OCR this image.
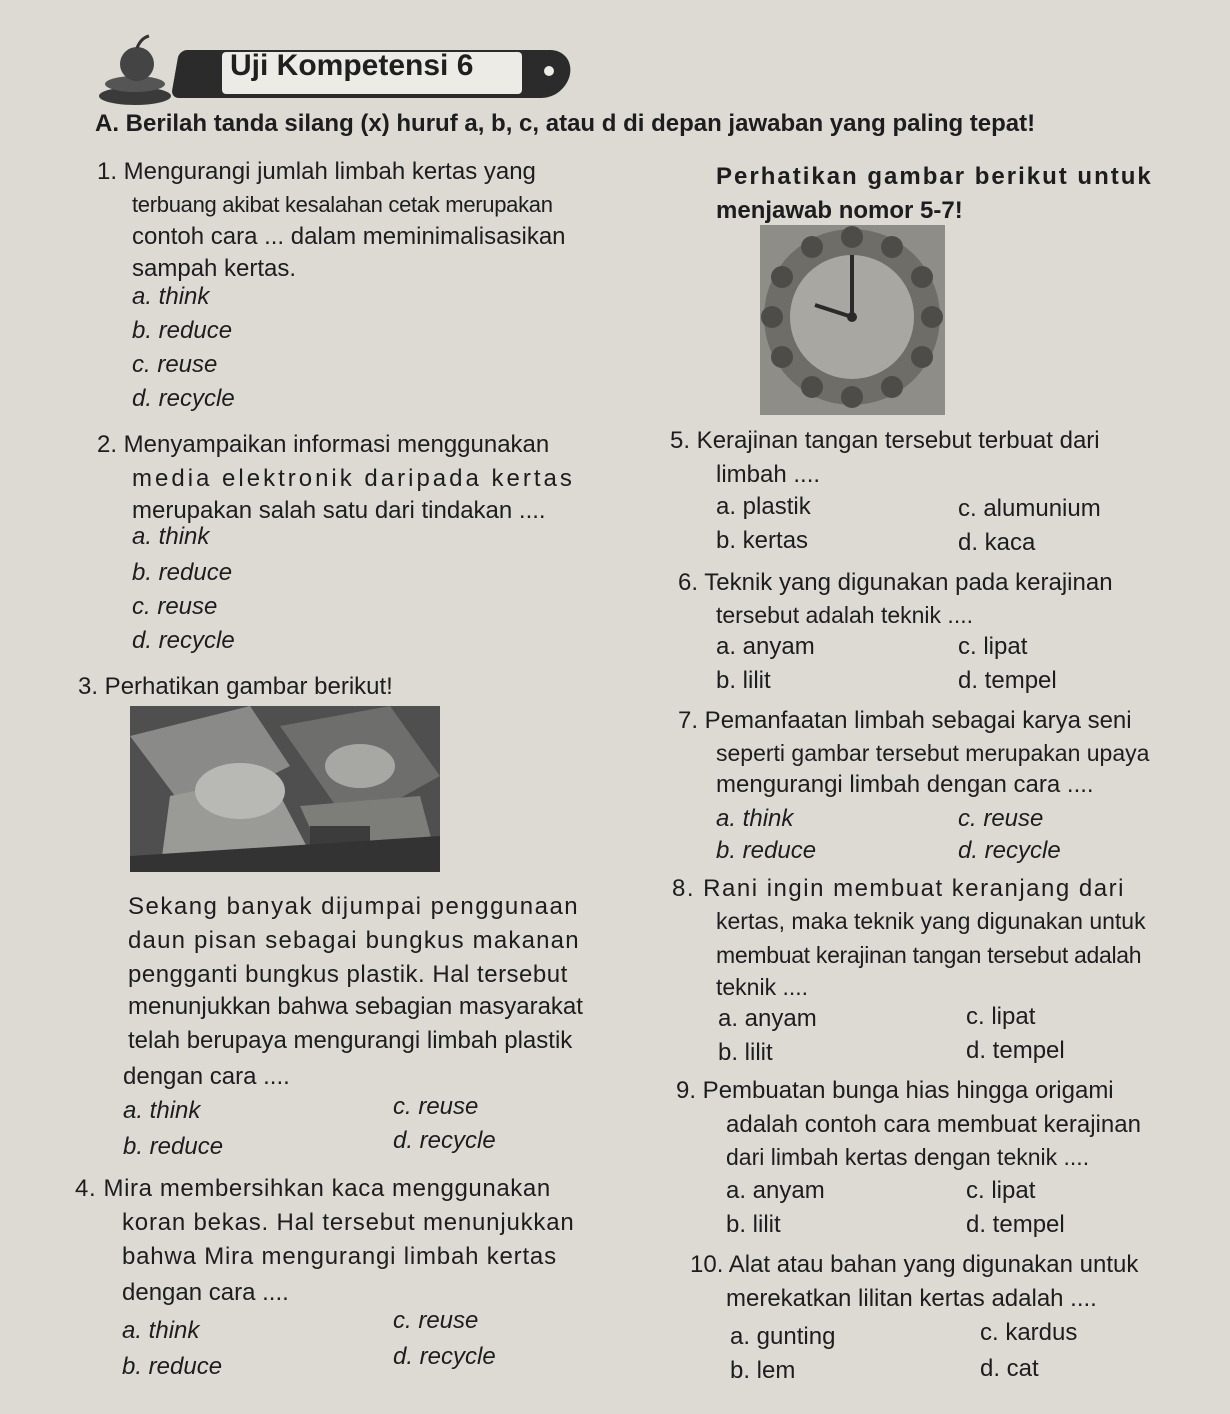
Uji Kompetensi 6
A. Berilah tanda silang (x) huruf a, b, c, atau d di depan jawaban yang paling tepat!
1. Mengurangi jumlah limbah kertas yang
terbuang akibat kesalahan cetak merupakan
contoh cara ... dalam meminimalisasikan
sampah kertas.
a. think
b. reduce
c. reuse
d. recycle
2. Menyampaikan informasi menggunakan
media elektronik daripada kertas
merupakan salah satu dari tindakan ....
a. think
b. reduce
c. reuse
d. recycle
3. Perhatikan gambar berikut!
Sekang banyak dijumpai penggunaan
daun pisan sebagai bungkus makanan
pengganti bungkus plastik. Hal tersebut
menunjukkan bahwa sebagian masyarakat
telah berupaya mengurangi limbah plastik
dengan cara ....
a. think	c. reuse
b. reduce	d. recycle
4. Mira membersihkan kaca menggunakan
koran bekas. Hal tersebut menunjukkan
bahwa Mira mengurangi limbah kertas
dengan cara ....
a. think	c. reuse
b. reduce	d. recycle
Perhatikan gambar berikut untuk
menjawab nomor 5-7!
5. Kerajinan tangan tersebut terbuat dari
limbah ....
a. plastik	c. alumunium
b. kertas	d. kaca
6. Teknik yang digunakan pada kerajinan
tersebut adalah teknik ....
a. anyam	c. lipat
b. lilit	d. tempel
7. Pemanfaatan limbah sebagai karya seni
seperti gambar tersebut merupakan upaya
mengurangi limbah dengan cara ....
a. think	c. reuse
b. reduce	d. recycle
8. Rani ingin membuat keranjang dari
kertas, maka teknik yang digunakan untuk
membuat kerajinan tangan tersebut adalah
teknik ....
a. anyam	c. lipat
b. lilit	d. tempel
9. Pembuatan bunga hias hingga origami
adalah contoh cara membuat kerajinan
dari limbah kertas dengan teknik ....
a. anyam	c. lipat
b. lilit	d. tempel
10. Alat atau bahan yang digunakan untuk
merekatkan lilitan kertas adalah ....
a. gunting	c. kardus
b. lem	d. cat
